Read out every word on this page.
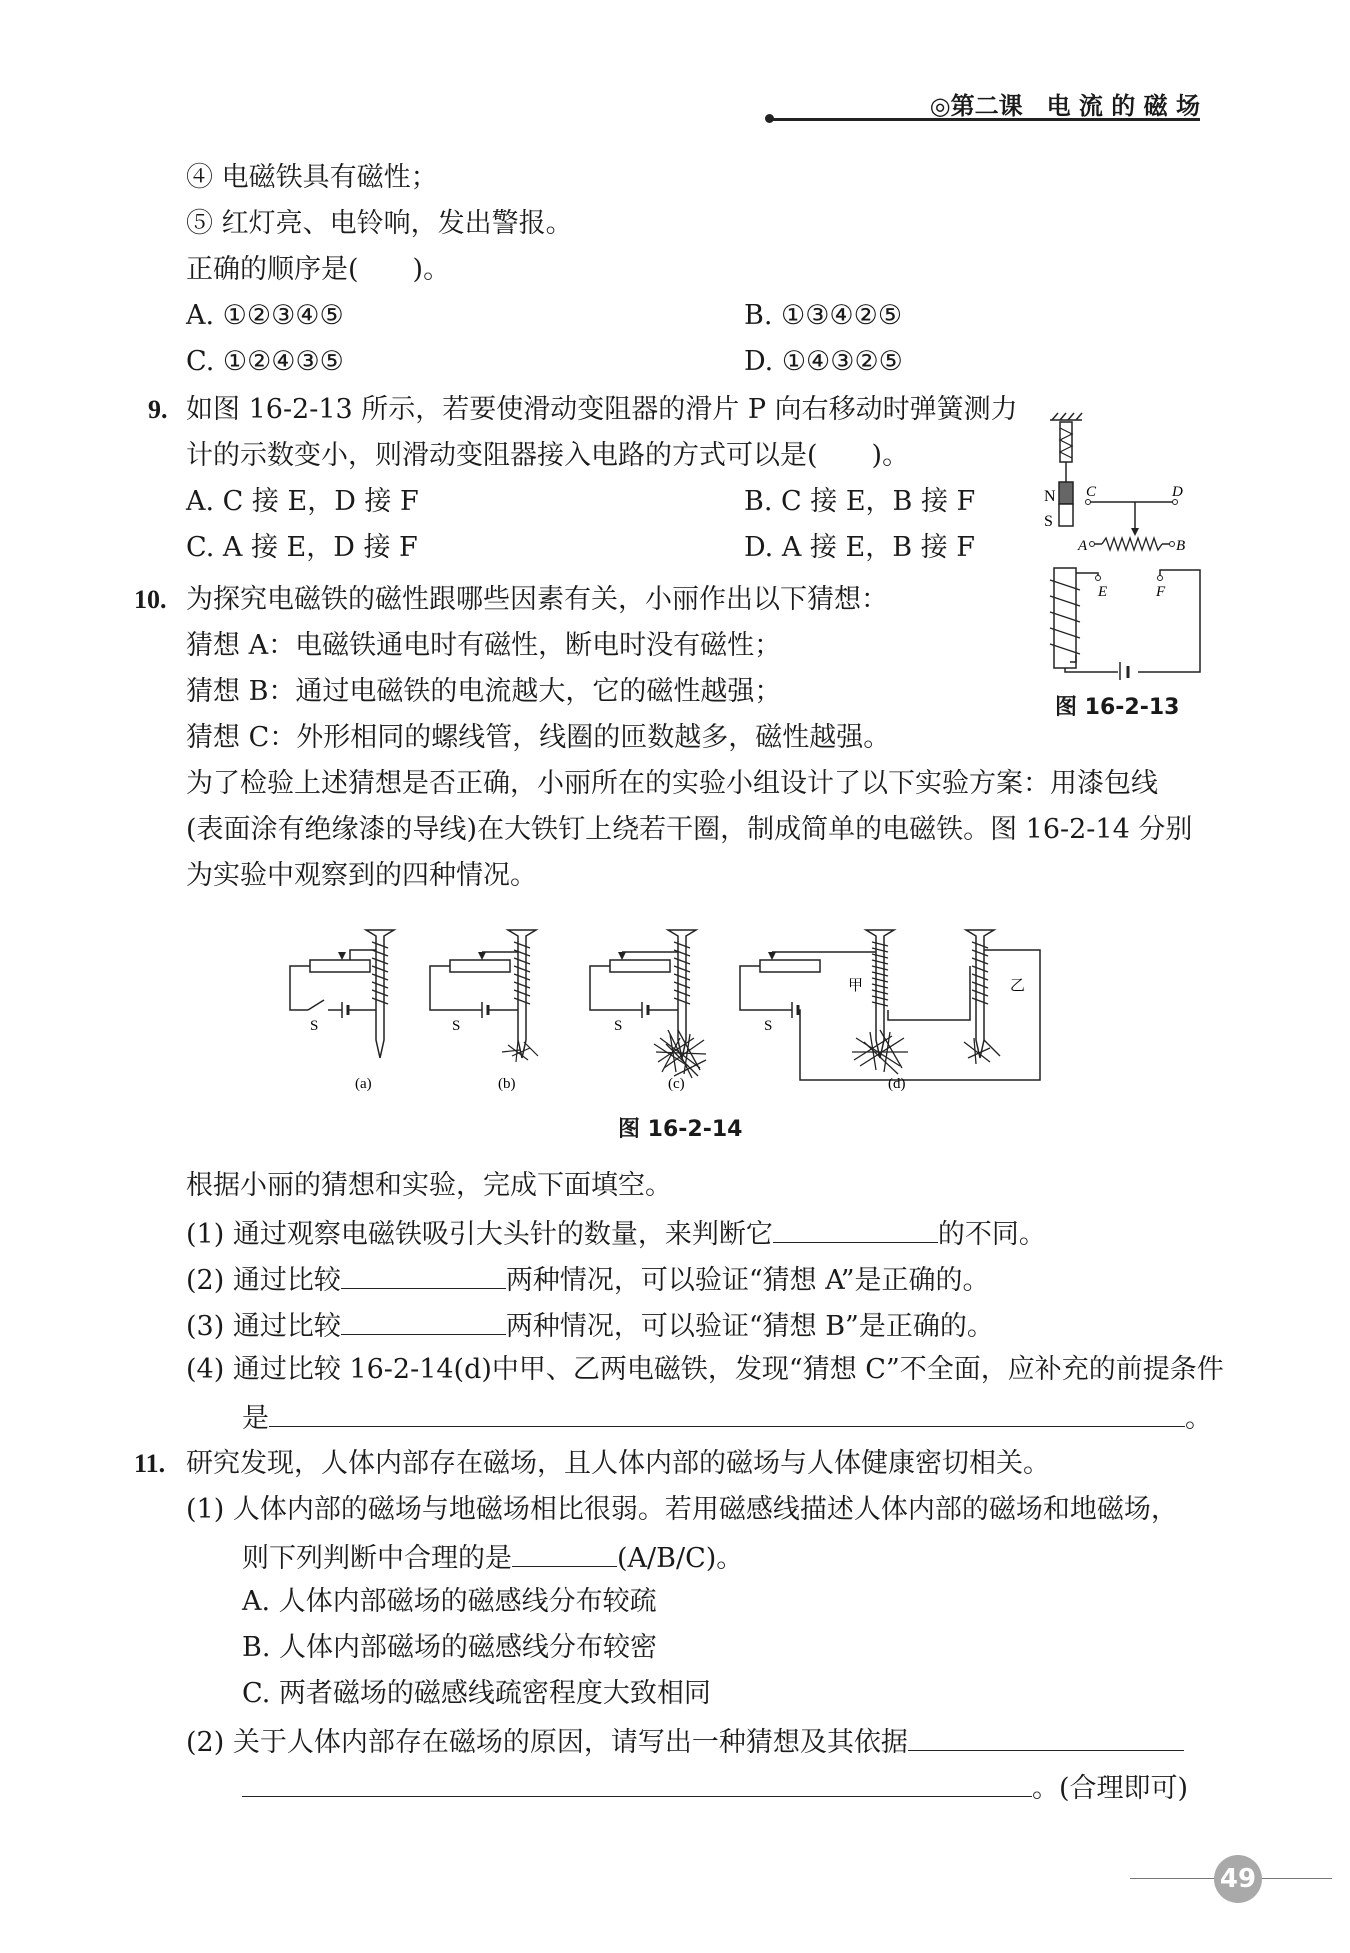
◎第二课　电 流 的 磁 场
④ 电磁铁具有磁性；
⑤ 红灯亮、电铃响，发出警报。
正确的顺序是(　　)。
A. ①②③④⑤	B. ①③④②⑤
C. ①②④③⑤	D. ①④③②⑤
9. 如图 16-2-13 所示，若要使滑动变阻器的滑片 P 向右移动时弹簧测力
计的示数变小，则滑动变阻器接入电路的方式可以是(　　)。
A. C 接 E，D 接 F	B. C 接 E，B 接 F
C. A 接 E，D 接 F	D. A 接 E，B 接 F
N
S
C	D
A	B
E	F
图 16-2-13
10. 为探究电磁铁的磁性跟哪些因素有关，小丽作出以下猜想：
猜想 A：电磁铁通电时有磁性，断电时没有磁性；
猜想 B：通过电磁铁的电流越大，它的磁性越强；
猜想 C：外形相同的螺线管，线圈的匝数越多，磁性越强。
为了检验上述猜想是否正确，小丽所在的实验小组设计了以下实验方案：用漆包线
(表面涂有绝缘漆的导线)在大铁钉上绕若干圈，制成简单的电磁铁。图 16-2-14 分别
为实验中观察到的四种情况。
S	S	S	S
甲	乙
(a)	(b)	(c)	(d)
图 16-2-14
根据小丽的猜想和实验，完成下面填空。
(1) 通过观察电磁铁吸引大头针的数量，来判断它	的不同。
(2) 通过比较	两种情况，可以验证“猜想 A”是正确的。
(3) 通过比较	两种情况，可以验证“猜想 B”是正确的。
(4) 通过比较 16-2-14(d)中甲、乙两电磁铁，发现“猜想 C”不全面，应补充的前提条件
是	。
11. 研究发现，人体内部存在磁场，且人体内部的磁场与人体健康密切相关。
(1) 人体内部的磁场与地磁场相比很弱。若用磁感线描述人体内部的磁场和地磁场，
则下列判断中合理的是	(A/B/C)。
A. 人体内部磁场的磁感线分布较疏
B. 人体内部磁场的磁感线分布较密
C. 两者磁场的磁感线疏密程度大致相同
(2) 关于人体内部存在磁场的原因，请写出一种猜想及其依据
。(合理即可)
49
